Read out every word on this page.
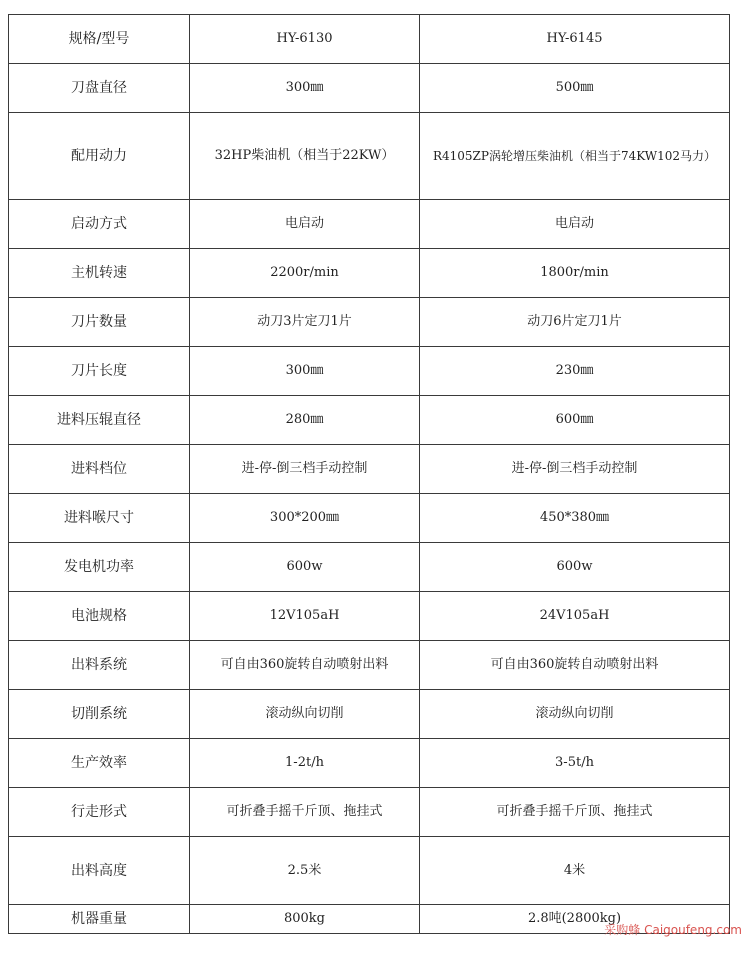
规格/型号	HY-6130	HY-6145
刀盘直径	300㎜	500㎜
配用动力	32HP柴油机（相当于22KW）	R4105ZP涡轮增压柴油机（相当于74KW102马力）
启动方式	电启动	电启动
主机转速	2200r/min	1800r/min
刀片数量	动刀3片定刀1片	动刀6片定刀1片
刀片长度	300㎜	230㎜
进料压辊直径	280㎜	600㎜
进料档位	进-停-倒三档手动控制	进-停-倒三档手动控制
进料喉尺寸	300*200㎜	450*380㎜
发电机功率	600w	600w
电池规格	12V105aH	24V105aH
出料系统	可自由360旋转自动喷射出料	可自由360旋转自动喷射出料
切削系统	滚动纵向切削	滚动纵向切削
生产效率	1-2t/h	3-5t/h
行走形式	可折叠手摇千斤顶、拖挂式	可折叠手摇千斤顶、拖挂式
出料高度	2.5米	4米
机器重量	800kg	2.8吨(2800kg)
采购蜂 Caigoufeng.com
